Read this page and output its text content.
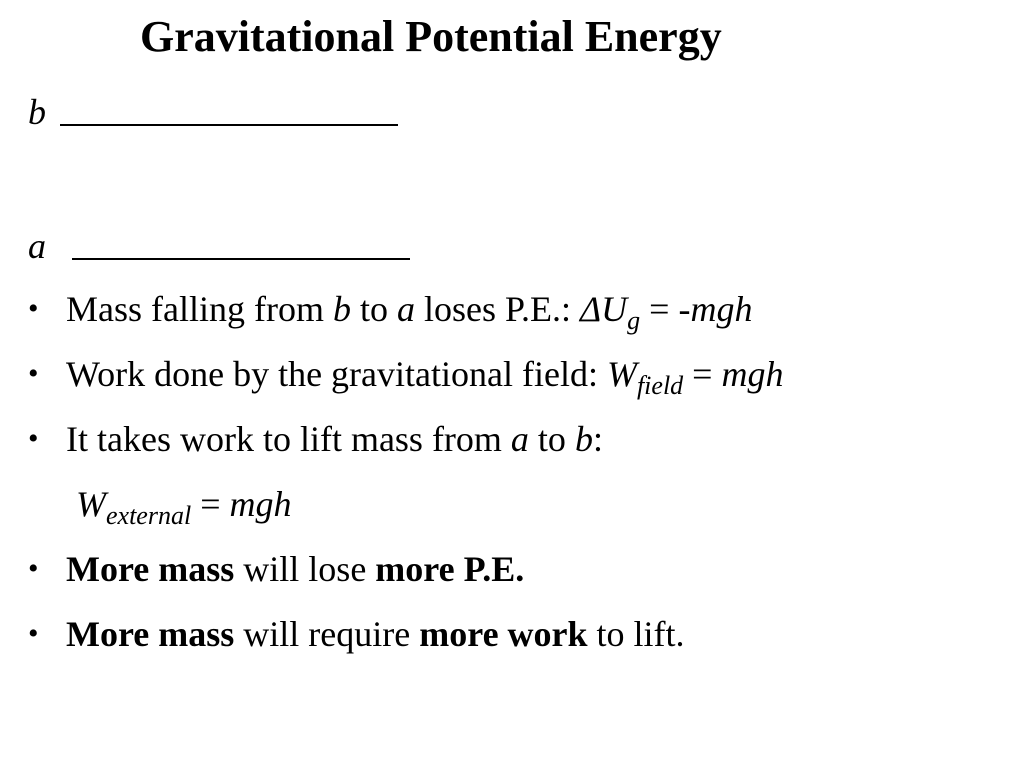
Gravitational Potential Energy
b
a
• Mass falling from b to a loses P.E.: $\Delta U_g = -mgh$
• Work done by the gravitational field: $W_{field}$ = mgh
• It takes work to lift mass from a to b:
$W_{external}$ = mgh
• More mass will lose more P.E.
• More mass will require more work to lift.
